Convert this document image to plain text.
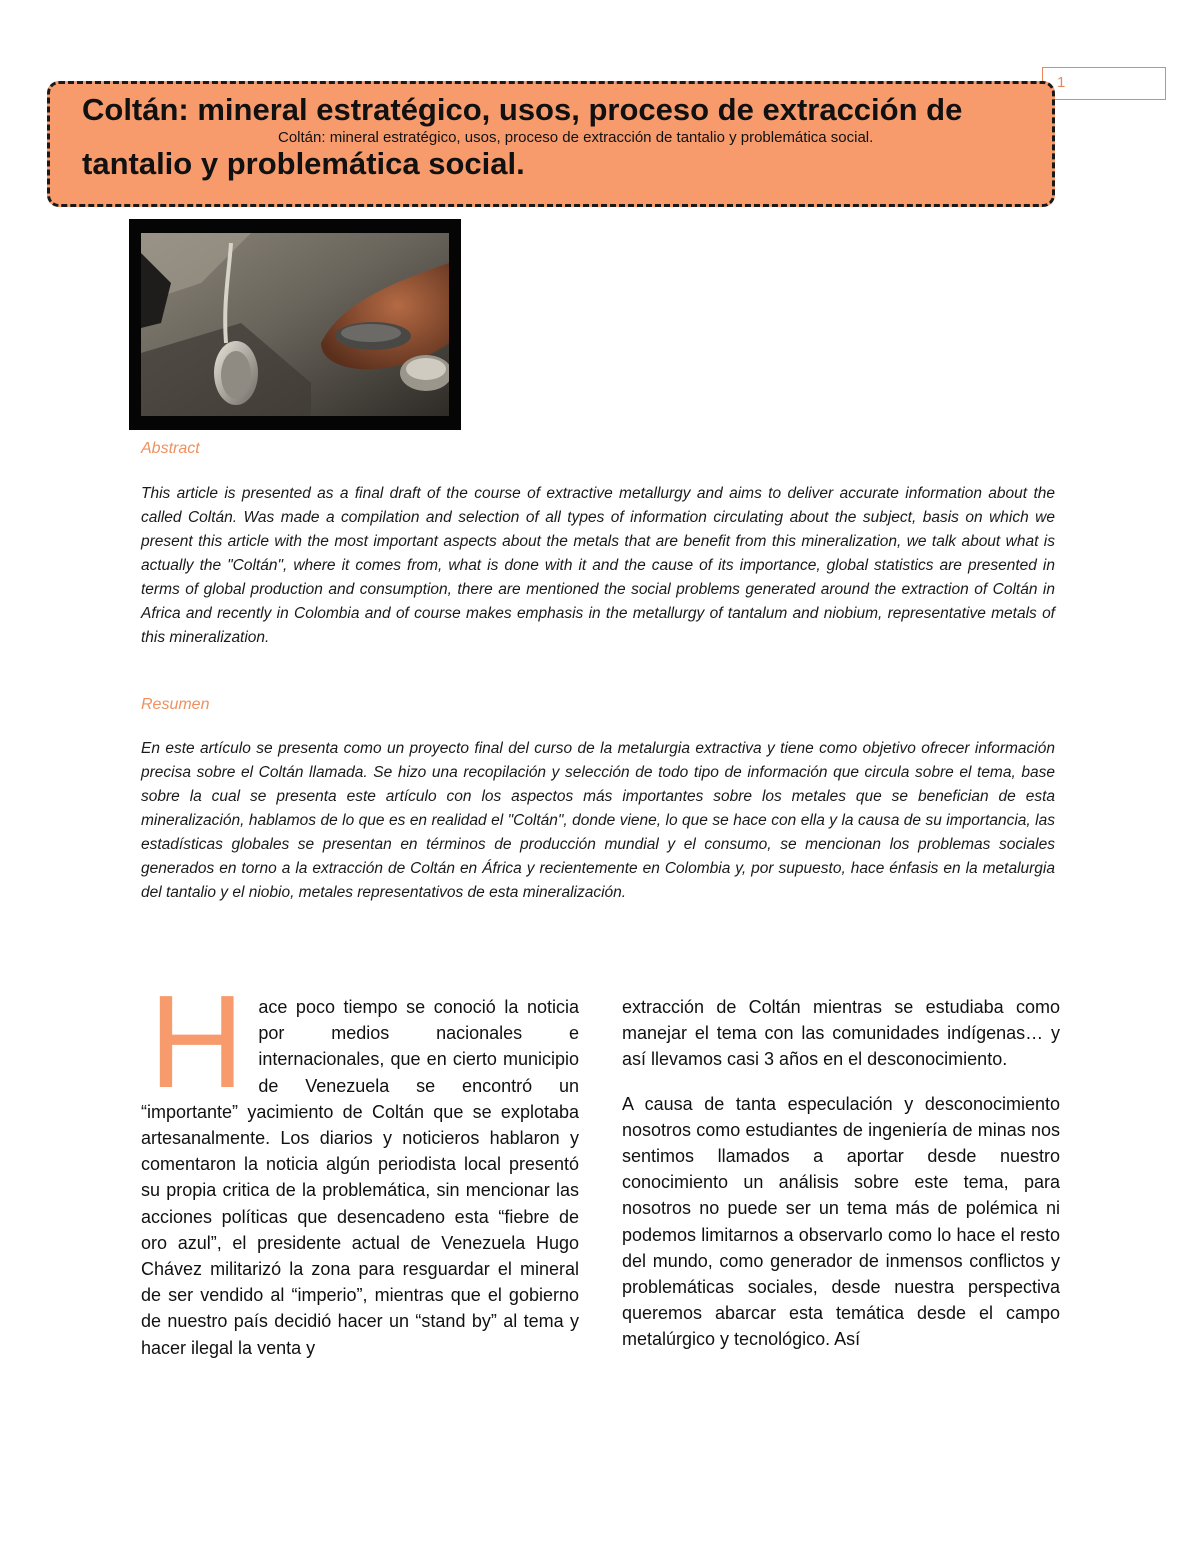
1
Coltán: mineral estratégico, usos, proceso de extracción de
Coltán: mineral estratégico, usos, proceso de extracción de tantalio y problemática social.
tantalio y problemática social.
Abstract

This article is presented as a final draft of the course of extractive metallurgy and aims to deliver accurate information about the called Coltán. Was made a compilation and selection of all types of information circulating about the subject, basis on which we present this article with the most important aspects about the metals that are benefit from this mineralization, we talk about what is actually the "Coltán", where it comes from, what is done with it and the cause of its importance, global statistics are presented in terms of global production and consumption, there are mentioned the social problems generated around the extraction of Coltán in Africa and recently in Colombia and of course makes emphasis in the metallurgy of tantalum and niobium, representative metals of this mineralization.

Resumen

En este artículo se presenta como un proyecto final del curso de la metalurgia extractiva y tiene como objetivo ofrecer información precisa sobre el Coltán llamada. Se hizo una recopilación y selección de todo tipo de información que circula sobre el tema, base sobre la cual se presenta este artículo con los aspectos más importantes sobre los metales que se benefician de esta mineralización, hablamos de lo que es en realidad el "Coltán", donde viene, lo que se hace con ella y la causa de su importancia, las estadísticas globales se presentan en términos de producción mundial y el consumo, se mencionan los problemas sociales generados en torno a la extracción de Coltán en África y recientemente en Colombia y, por supuesto, hace énfasis en la metalurgia del tantalio y el niobio, metales representativos de esta mineralización.

H ace poco tiempo se conoció la noticia por medios nacionales e internacionales, que en cierto municipio de Venezuela se encontró un “importante” yacimiento de Coltán que se explotaba artesanalmente. Los diarios y noticieros hablaron y comentaron la noticia algún periodista local presentó su propia critica de la problemática, sin mencionar las acciones políticas que desencadeno esta “fiebre de oro azul”, el presidente actual de Venezuela Hugo Chávez militarizó la zona para resguardar el mineral de ser vendido al “imperio”, mientras que el gobierno de nuestro país decidió hacer un “stand by” al tema y hacer ilegal la venta y

extracción de Coltán mientras se estudiaba como manejar el tema con las comunidades indígenas… y así llevamos casi 3 años en el desconocimiento.

A causa de tanta especulación y desconocimiento nosotros como estudiantes de ingeniería de minas nos sentimos llamados a aportar desde nuestro conocimiento un análisis sobre este tema, para nosotros no puede ser un tema más de polémica ni podemos limitarnos a observarlo como lo hace el resto del mundo, como generador de inmensos conflictos y problemáticas sociales, desde nuestra perspectiva queremos abarcar esta temática desde el campo metalúrgico y tecnológico. Así
